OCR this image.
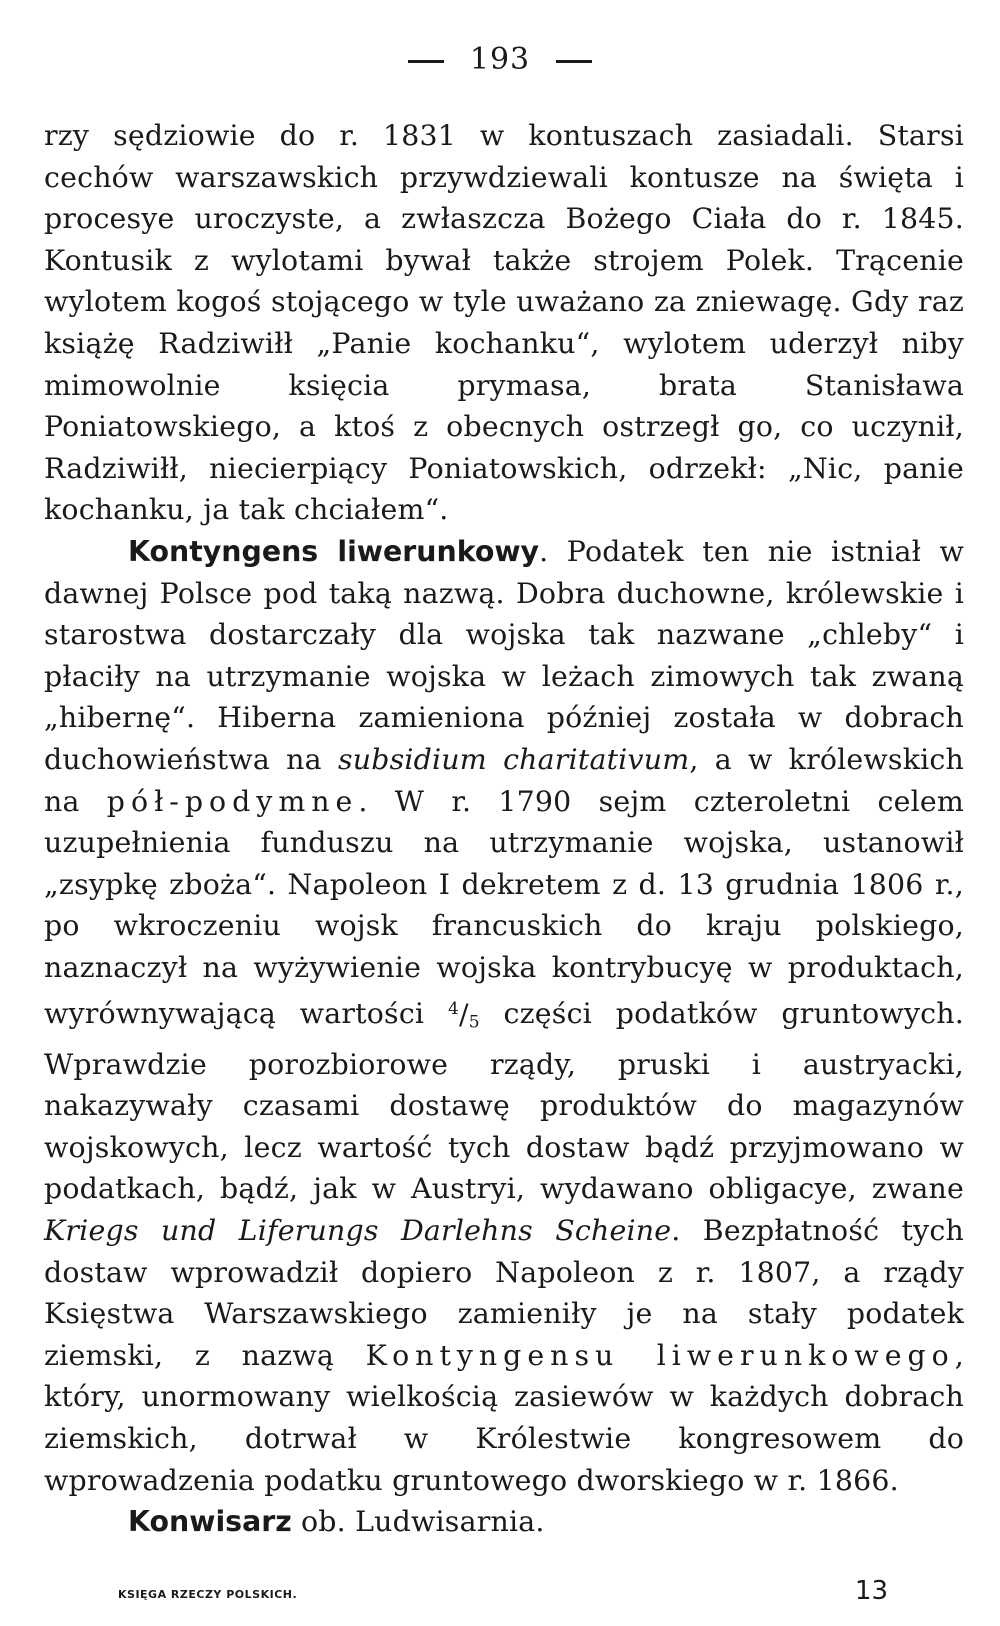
193

rzy sędziowie do r. 1831 w kontuszach zasiadali. Starsi cechów warszawskich przywdziewali kontusze na święta i procesye uroczyste, a zwłaszcza Bożego Ciała do r. 1845. Kontusik z wylotami bywał także strojem Polek. Trącenie wylotem kogoś stojącego w tyle uważano za zniewagę. Gdy raz książę Radziwiłł „Panie kochanku“, wylotem uderzył niby mimowolnie księcia prymasa, brata Stanisława Poniatowskiego, a ktoś z obecnych ostrzegł go, co uczynił, Radziwiłł, niecierpiący Poniatowskich, odrzekł: „Nic, panie kochanku, ja tak chciałem“.

Kontyngens liwerunkowy. Podatek ten nie istniał w dawnej Polsce pod taką nazwą. Dobra duchowne, królewskie i starostwa dostarczały dla wojska tak nazwane „chleby“ i płaciły na utrzymanie wojska w leżach zimowych tak zwaną „hibernę“. Hiberna zamieniona później została w dobrach duchowieństwa na subsidium charitativum, a w królewskich na pół-podymne. W r. 1790 sejm czteroletni celem uzupełnienia funduszu na utrzymanie wojska, ustanowił „zsypkę zboża“. Napoleon I dekretem z d. 13 grudnia 1806 r., po wkroczeniu wojsk francuskich do kraju polskiego, naznaczył na wyżywienie wojska kontrybucyę w produktach, wyrównywającą wartości $^4/_5$ części podatków gruntowych. Wprawdzie porozbiorowe rządy, pruski i austryacki, nakazywały czasami dostawę produktów do magazynów wojskowych, lecz wartość tych dostaw bądź przyjmowano w podatkach, bądź, jak w Austryi, wydawano obligacye, zwane Kriegs und Liferungs Darlehns Scheine. Bezpłatność tych dostaw wprowadził dopiero Napoleon z r. 1807, a rządy Księstwa Warszawskiego zamieniły je na stały podatek ziemski, z nazwą Kontyngensu liwerunkowego, który, unormowany wielkością zasiewów w każdych dobrach ziemskich, dotrwał w Królestwie kongresowem do wprowadzenia podatku gruntowego dworskiego w r. 1866.

Konwisarz ob. Ludwisarnia.

KSIĘGA RZECZY POLSKICH.	13
